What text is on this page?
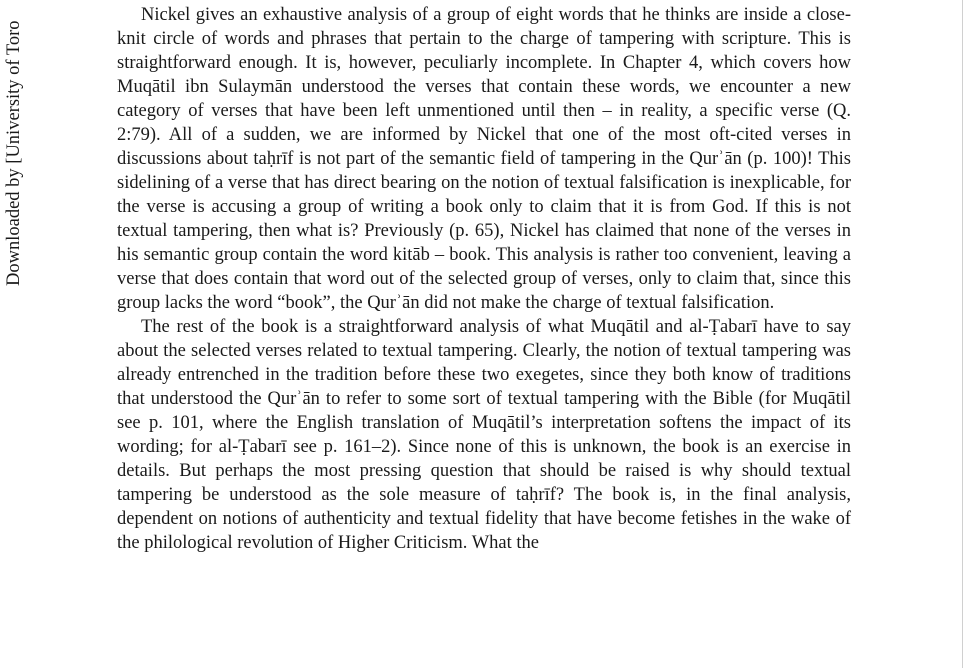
Downloaded by [University of Toro

Nickel gives an exhaustive analysis of a group of eight words that he thinks are inside a close-knit circle of words and phrases that pertain to the charge of tampering with scripture. This is straightforward enough. It is, however, peculiarly incomplete. In Chapter 4, which covers how Muqātil ibn Sulaymān understood the verses that contain these words, we encounter a new category of verses that have been left unmentioned until then – in reality, a specific verse (Q. 2:79). All of a sudden, we are informed by Nickel that one of the most oft-cited verses in discussions about taḥrīf is not part of the semantic field of tampering in the Qurʾān (p. 100)! This sidelining of a verse that has direct bearing on the notion of textual falsification is inexplicable, for the verse is accusing a group of writing a book only to claim that it is from God. If this is not textual tampering, then what is? Previously (p. 65), Nickel has claimed that none of the verses in his semantic group contain the word kitāb – book. This analysis is rather too convenient, leaving a verse that does contain that word out of the selected group of verses, only to claim that, since this group lacks the word “book”, the Qurʾān did not make the charge of textual falsification.

The rest of the book is a straightforward analysis of what Muqātil and al-Ṭabarī have to say about the selected verses related to textual tampering. Clearly, the notion of textual tampering was already entrenched in the tradition before these two exegetes, since they both know of traditions that understood the Qurʾān to refer to some sort of textual tampering with the Bible (for Muqātil see p. 101, where the English translation of Muqātil’s interpretation softens the impact of its wording; for al-Ṭabarī see p. 161–2). Since none of this is unknown, the book is an exercise in details. But perhaps the most pressing question that should be raised is why should textual tampering be understood as the sole measure of taḥrīf? The book is, in the final analysis, dependent on notions of authenticity and textual fidelity that have become fetishes in the wake of the philological revolution of Higher Criticism. What the
